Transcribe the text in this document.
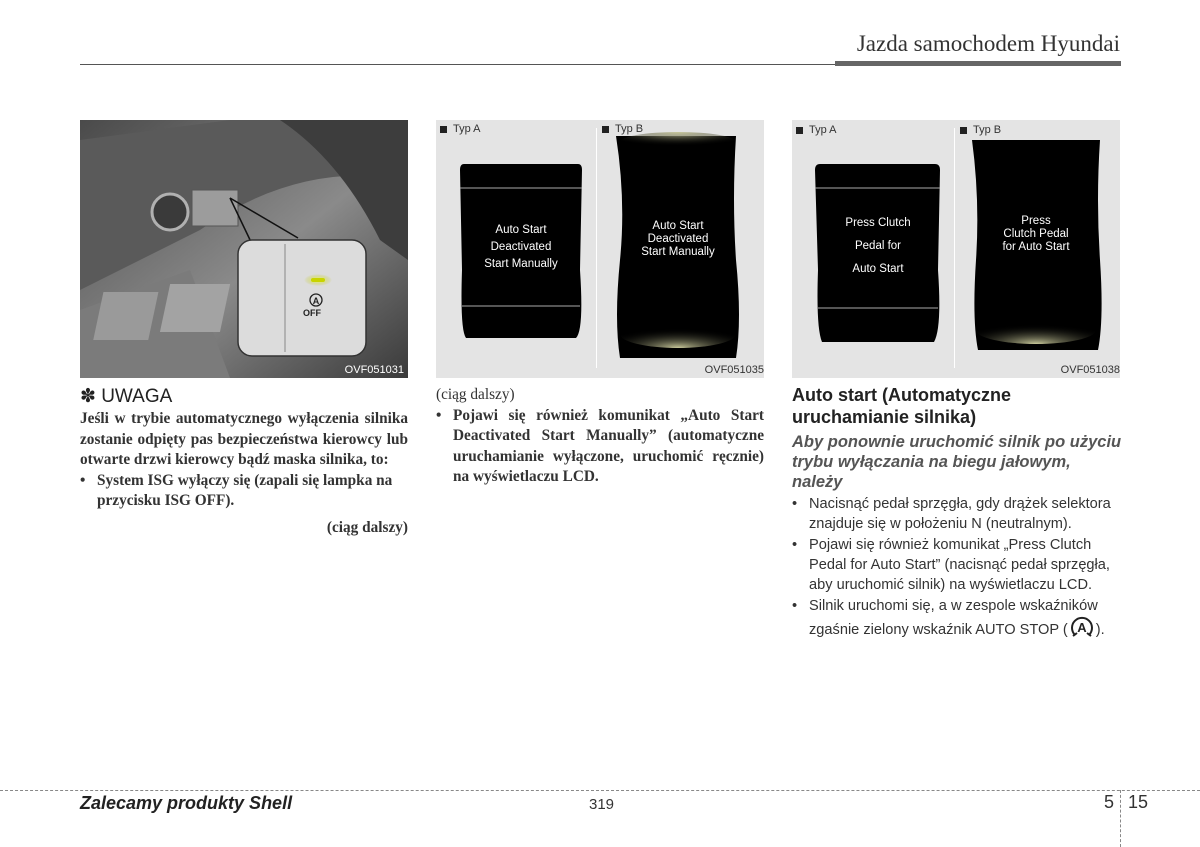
Jazda samochodem Hyundai
A
OFF
OVF051031
Typ A	Typ B
Auto Start
Deactivated
Start Manually
Auto Start
Deactivated
Start Manually
OVF051035
Typ A	Typ B
Press Clutch
Pedal for
Auto Start
Press
Clutch Pedal
for Auto Start
OVF051038
✽ UWAGA
Jeśli w trybie automatycznego wyłączenia silnika zostanie odpięty pas bezpieczeństwa kierowcy lub otwarte drzwi kierowcy bądź maska silnika, to:
• System ISG wyłączy się (zapali się lampka na przycisku ISG OFF).
(ciąg dalszy)
(ciąg dalszy)
• Pojawi się również komunikat „Auto Start Deactivated Start Manually” (automatyczne uruchamianie wyłączone, uruchomić ręcznie) na wyświetlaczu LCD.
Auto start (Automatyczne uruchamianie silnika)
Aby ponownie uruchomić silnik po użyciu trybu wyłączania na biegu jałowym, należy
• Nacisnąć pedał sprzęgła, gdy drążek selektora znajduje się w położeniu N (neutralnym).
• Pojawi się również komunikat „Press Clutch Pedal for Auto Start” (nacisnąć pedał sprzęgła, aby uruchomić silnik) na wyświetlaczu LCD.
• Silnik uruchomi się, a w zespole wskaźników zgaśnie zielony wskaźnik AUTO STOP ( A ).
Zalecamy produkty Shell	319	5 15
